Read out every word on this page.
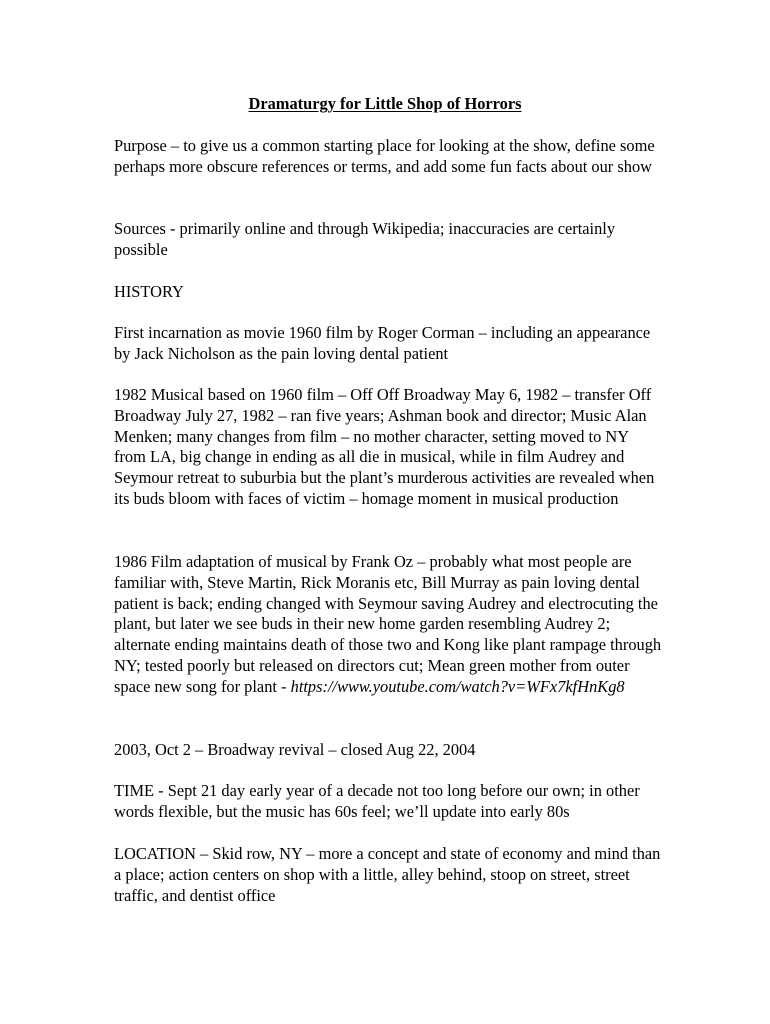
Dramaturgy for Little Shop of Horrors

Purpose – to give us a common starting place for looking at the show, define some perhaps more obscure references or terms, and add some fun facts about our show

Sources - primarily online and through Wikipedia; inaccuracies are certainly possible

HISTORY

First incarnation as movie 1960 film by Roger Corman – including an appearance by Jack Nicholson as the pain loving dental patient

1982 Musical based on 1960 film – Off Off Broadway May 6, 1982 – transfer Off Broadway July 27, 1982 – ran five years; Ashman book and director; Music Alan Menken; many changes from film – no mother character, setting moved to NY from LA, big change in ending as all die in musical, while in film Audrey and Seymour retreat to suburbia but the plant’s murderous activities are revealed when its buds bloom with faces of victim – homage moment in musical production

1986 Film adaptation of musical by Frank Oz – probably what most people are familiar with, Steve Martin, Rick Moranis etc, Bill Murray as pain loving dental patient is back; ending changed with Seymour saving Audrey and electrocuting the plant, but later we see buds in their new home garden resembling Audrey 2; alternate ending maintains death of those two and Kong like plant rampage through NY; tested poorly but released on directors cut; Mean green mother from outer space new song for plant - https://www.youtube.com/watch?v=WFx7kfHnKg8

2003, Oct 2 – Broadway revival – closed Aug 22, 2004

TIME - Sept 21 day early year of a decade not too long before our own; in other words flexible, but the music has 60s feel; we’ll update into early 80s

LOCATION – Skid row, NY – more a concept and state of economy and mind than a place; action centers on shop with a little, alley behind, stoop on street, street traffic, and dentist office
